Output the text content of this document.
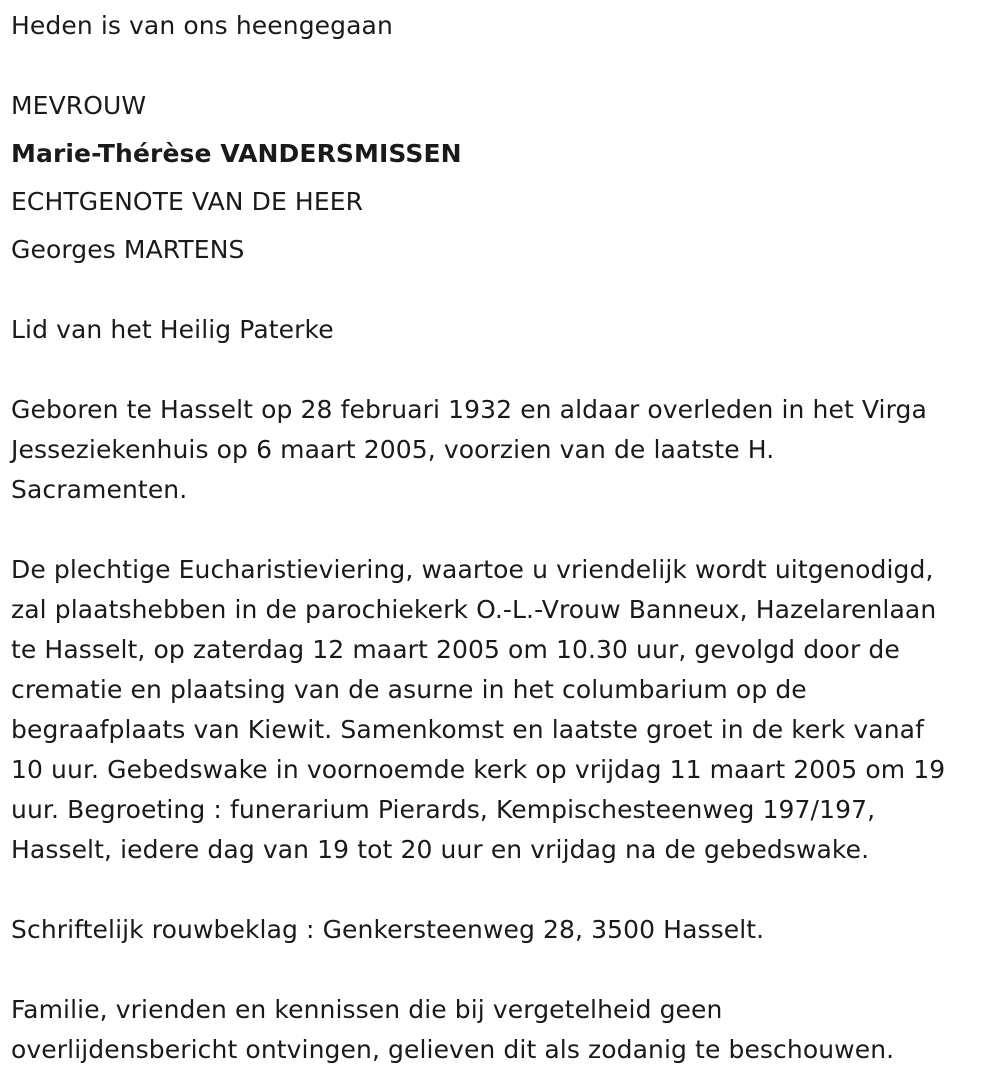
Heden is van ons heengegaan
MEVROUW
Marie-Thérèse VANDERSMISSEN
ECHTGENOTE VAN DE HEER
Georges MARTENS
Lid van het Heilig Paterke
Geboren te Hasselt op 28 februari 1932 en aldaar overleden in het Virga
Jesseziekenhuis op 6 maart 2005, voorzien van de laatste H.
Sacramenten.
De plechtige Eucharistieviering, waartoe u vriendelijk wordt uitgenodigd,
zal plaatshebben in de parochiekerk O.-L.-Vrouw Banneux, Hazelarenlaan
te Hasselt, op zaterdag 12 maart 2005 om 10.30 uur, gevolgd door de
crematie en plaatsing van de asurne in het columbarium op de
begraafplaats van Kiewit. Samenkomst en laatste groet in de kerk vanaf
10 uur. Gebedswake in voornoemde kerk op vrijdag 11 maart 2005 om 19
uur. Begroeting : funerarium Pierards, Kempischesteenweg 197/197,
Hasselt, iedere dag van 19 tot 20 uur en vrijdag na de gebedswake.
Schriftelijk rouwbeklag : Genkersteenweg 28, 3500 Hasselt.
Familie, vrienden en kennissen die bij vergetelheid geen
overlijdensbericht ontvingen, gelieven dit als zodanig te beschouwen.
